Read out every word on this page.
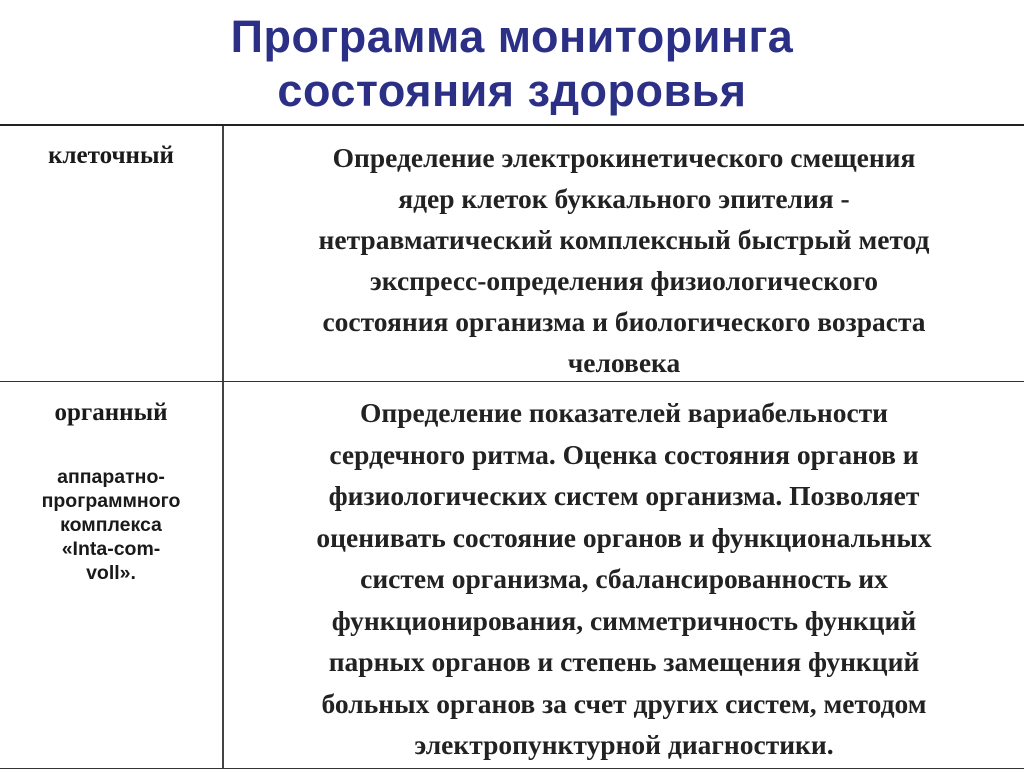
Программа мониторинга
состояния здоровья
клеточный	Определение электрокинетического смещения
ядер клеток буккального эпителия -
нетравматический комплексный быстрый метод
экспресс-определения физиологического
состояния организма и биологического возраста
человека
органный
аппаратно-
программного
комплекса
«Inta-com-
voll».
Определение показателей вариабельности
сердечного ритма. Оценка состояния органов и
физиологических систем организма. Позволяет
оценивать состояние органов и функциональных
систем организма, сбалансированность их
функционирования, симметричность функций
парных органов и степень замещения функций
больных органов за счет других систем, методом
электропунктурной диагностики.
